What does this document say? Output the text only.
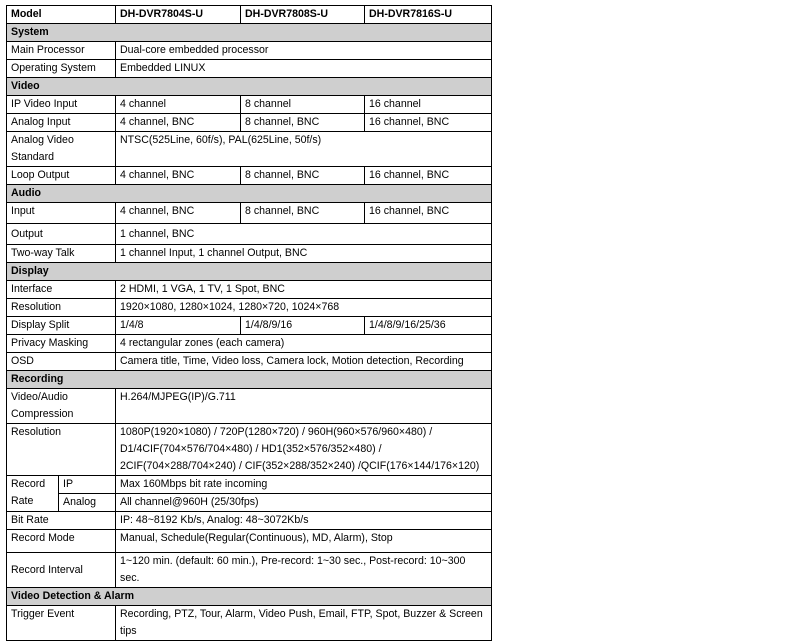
Model		DH-DVR7804S-U	DH-DVR7808S-U	DH-DVR7816S-U
System				
Main Processor		Dual-core embedded processor		
Operating System		Embedded LINUX		
Video				
IP Video Input		4 channel	8 channel	16 channel
Analog Input		4 channel, BNC	8 channel, BNC	16 channel, BNC
Analog Video Standard		NTSC(525Line, 60f/s), PAL(625Line, 50f/s)		
Loop Output		4 channel, BNC	8 channel, BNC	16 channel, BNC
Audio				
Input		4 channel, BNC	8 channel, BNC	16 channel, BNC
Output		1 channel, BNC		
Two-way Talk		1 channel Input, 1 channel Output, BNC		
Display				
Interface		2 HDMI, 1 VGA, 1 TV, 1 Spot, BNC		
Resolution		1920×1080, 1280×1024, 1280×720, 1024×768		
Display Split		1/4/8	1/4/8/9/16	1/4/8/9/16/25/36
Privacy Masking		4 rectangular zones (each camera)		
OSD		Camera title, Time, Video loss, Camera lock, Motion detection, Recording		
Recording				
Video/Audio Compression		H.264/MJPEG(IP)/G.711		
Resolution		1080P(1920×1080) / 720P(1280×720) / 960H(960×576/960×480) / D1/4CIF(704×576/704×480) / HD1(352×576/352×480) / 2CIF(704×288/704×240) / CIF(352×288/352×240) /QCIF(176×144/176×120)		
Record Rate	IP	Max 160Mbps bit rate incoming		
	Analog	All channel@960H (25/30fps)		
Bit Rate		IP: 48~8192 Kb/s, Analog: 48~3072Kb/s		
Record Mode		Manual, Schedule(Regular(Continuous), MD, Alarm), Stop		
Record Interval		1~120 min. (default: 60 min.), Pre-record: 1~30 sec., Post-record: 10~300 sec.		
Video Detection & Alarm				
Trigger Event		Recording, PTZ, Tour, Alarm, Video Push, Email, FTP, Spot, Buzzer & Screen tips		
